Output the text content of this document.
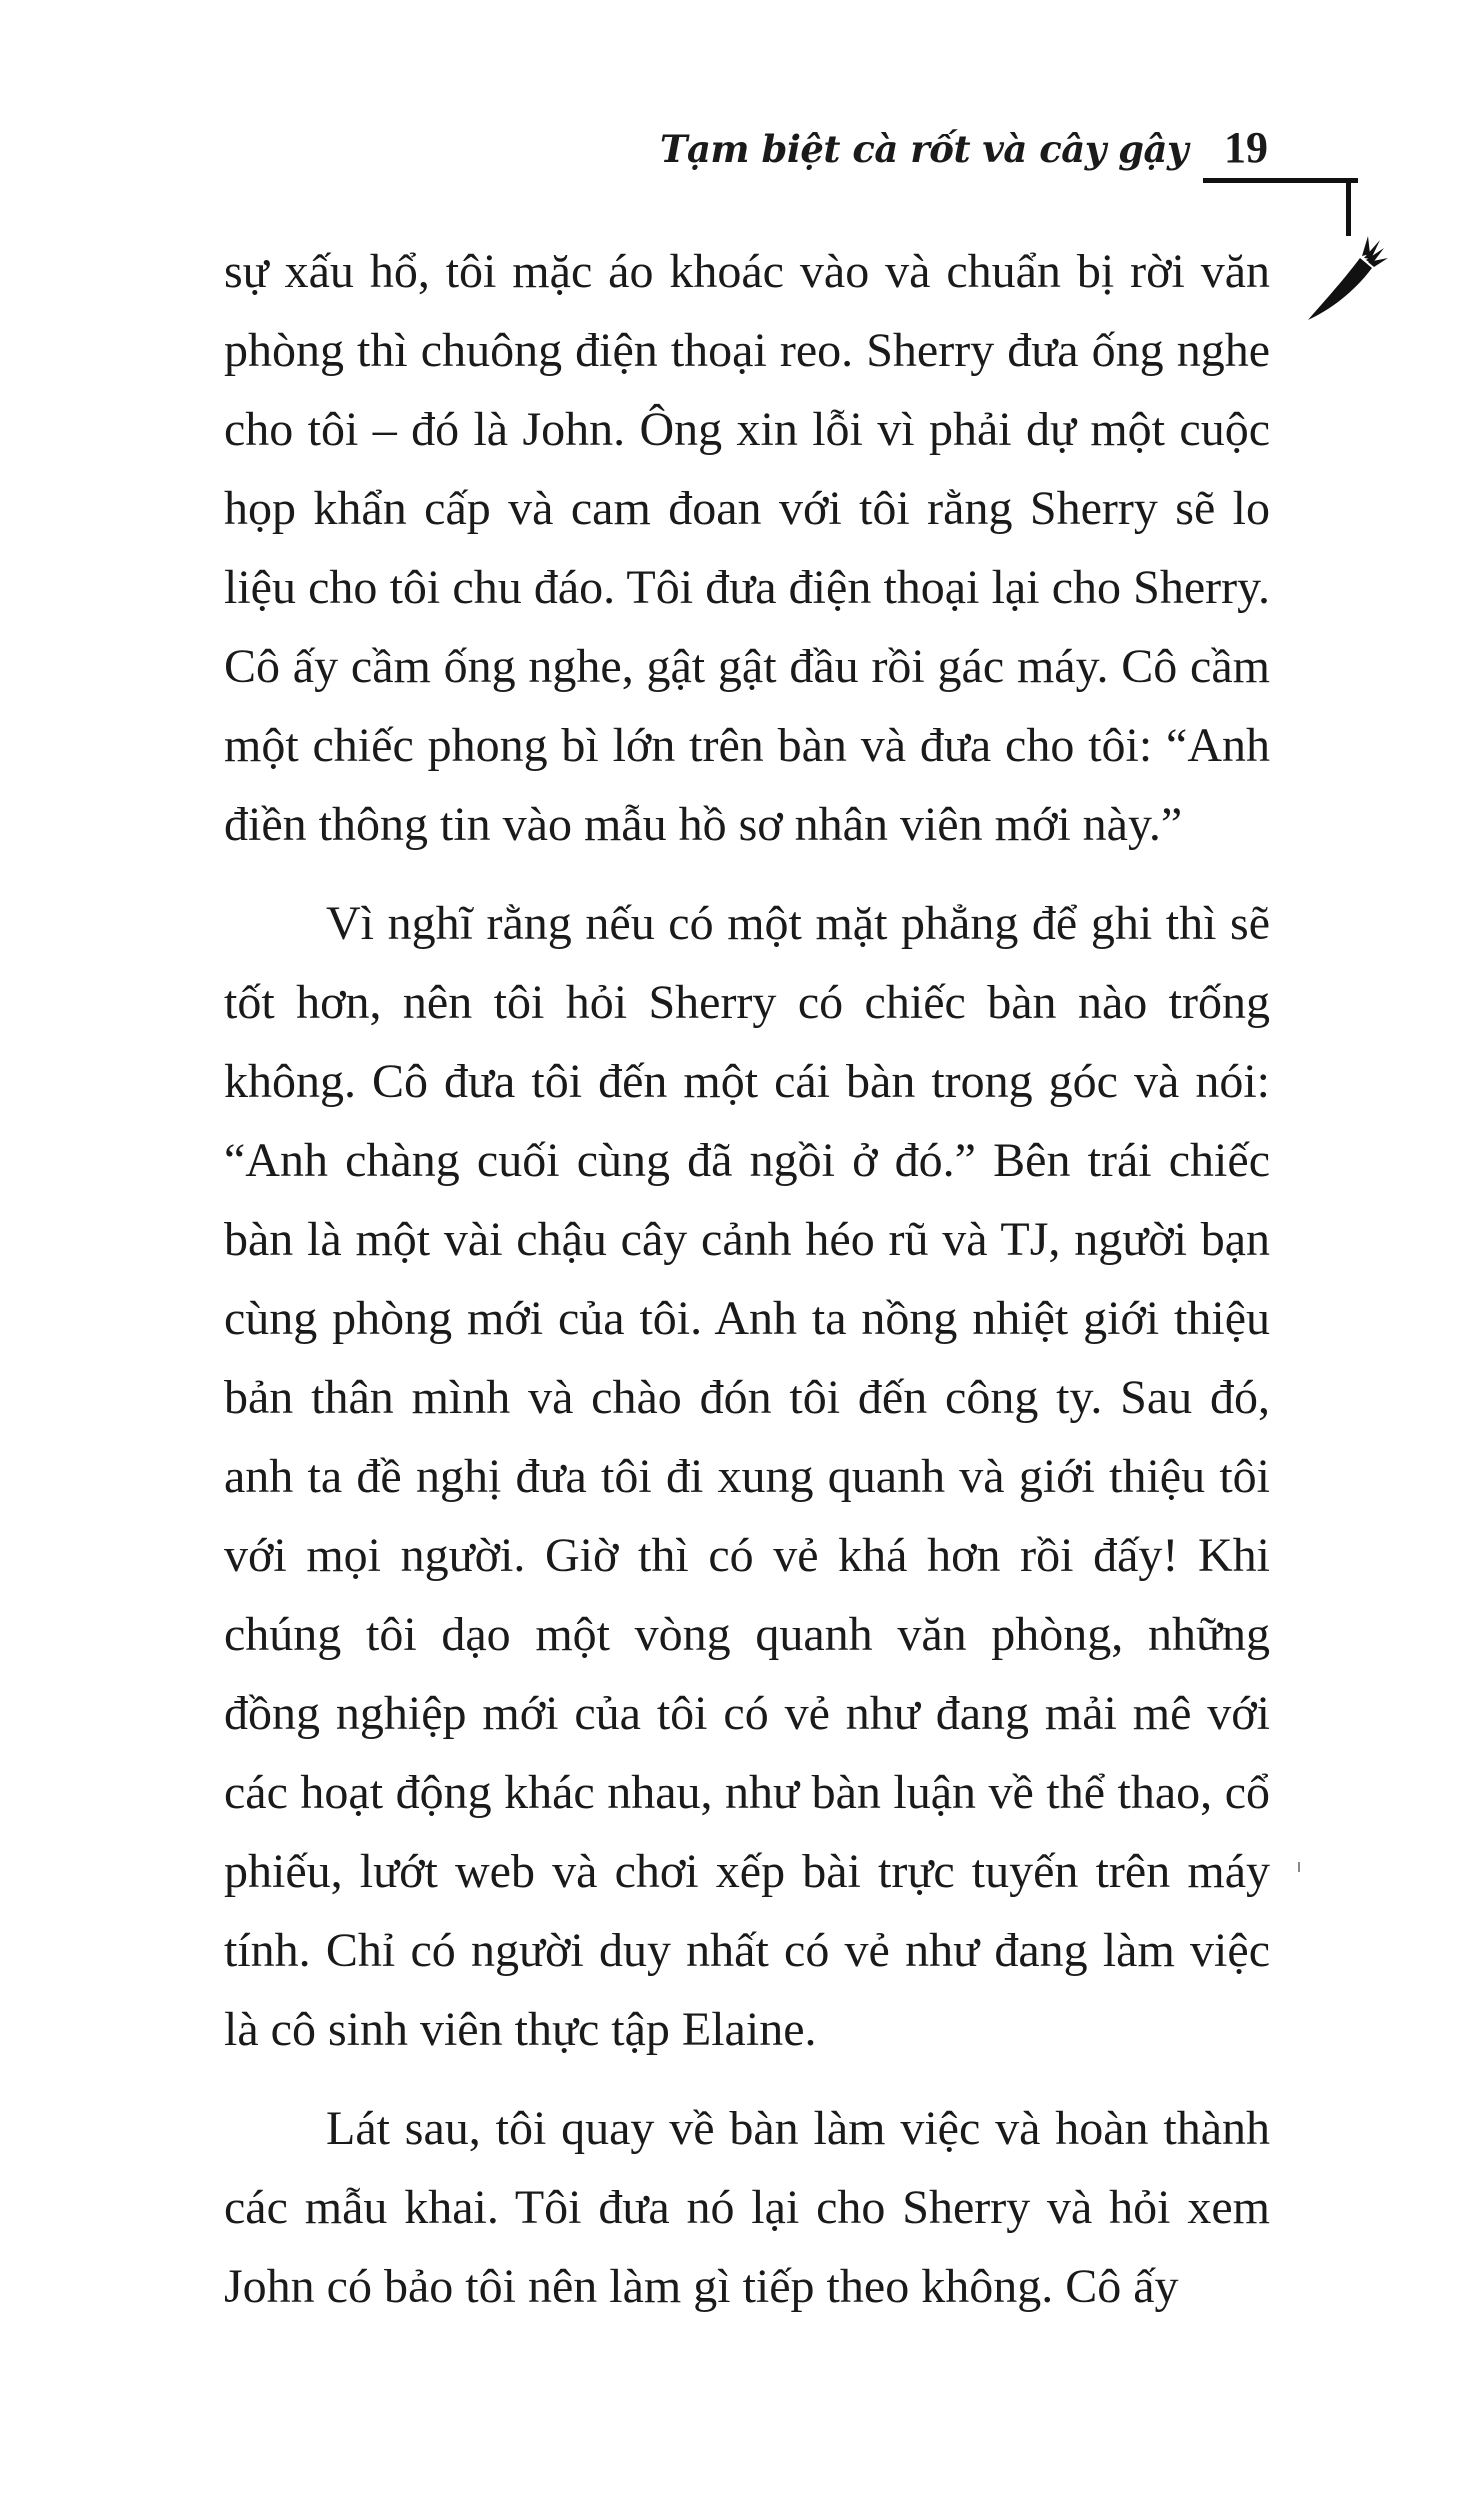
Tạm biệt cà rốt và cây gậy 19

sự xấu hổ, tôi mặc áo khoác vào và chuẩn bị rời văn phòng thì chuông điện thoại reo. Sherry đưa ống nghe cho tôi – đó là John. Ông xin lỗi vì phải dự một cuộc họp khẩn cấp và cam đoan với tôi rằng Sherry sẽ lo liệu cho tôi chu đáo. Tôi đưa điện thoại lại cho Sherry. Cô ấy cầm ống nghe, gật gật đầu rồi gác máy. Cô cầm một chiếc phong bì lớn trên bàn và đưa cho tôi: “Anh điền thông tin vào mẫu hồ sơ nhân viên mới này.”

Vì nghĩ rằng nếu có một mặt phẳng để ghi thì sẽ tốt hơn, nên tôi hỏi Sherry có chiếc bàn nào trống không. Cô đưa tôi đến một cái bàn trong góc và nói: “Anh chàng cuối cùng đã ngồi ở đó.” Bên trái chiếc bàn là một vài chậu cây cảnh héo rũ và TJ, người bạn cùng phòng mới của tôi. Anh ta nồng nhiệt giới thiệu bản thân mình và chào đón tôi đến công ty. Sau đó, anh ta đề nghị đưa tôi đi xung quanh và giới thiệu tôi với mọi người. Giờ thì có vẻ khá hơn rồi đấy! Khi chúng tôi dạo một vòng quanh văn phòng, những đồng nghiệp mới của tôi có vẻ như đang mải mê với các hoạt động khác nhau, như bàn luận về thể thao, cổ phiếu, lướt web và chơi xếp bài trực tuyến trên máy tính. Chỉ có người duy nhất có vẻ như đang làm việc là cô sinh viên thực tập Elaine.

Lát sau, tôi quay về bàn làm việc và hoàn thành các mẫu khai. Tôi đưa nó lại cho Sherry và hỏi xem John có bảo tôi nên làm gì tiếp theo không. Cô ấy
